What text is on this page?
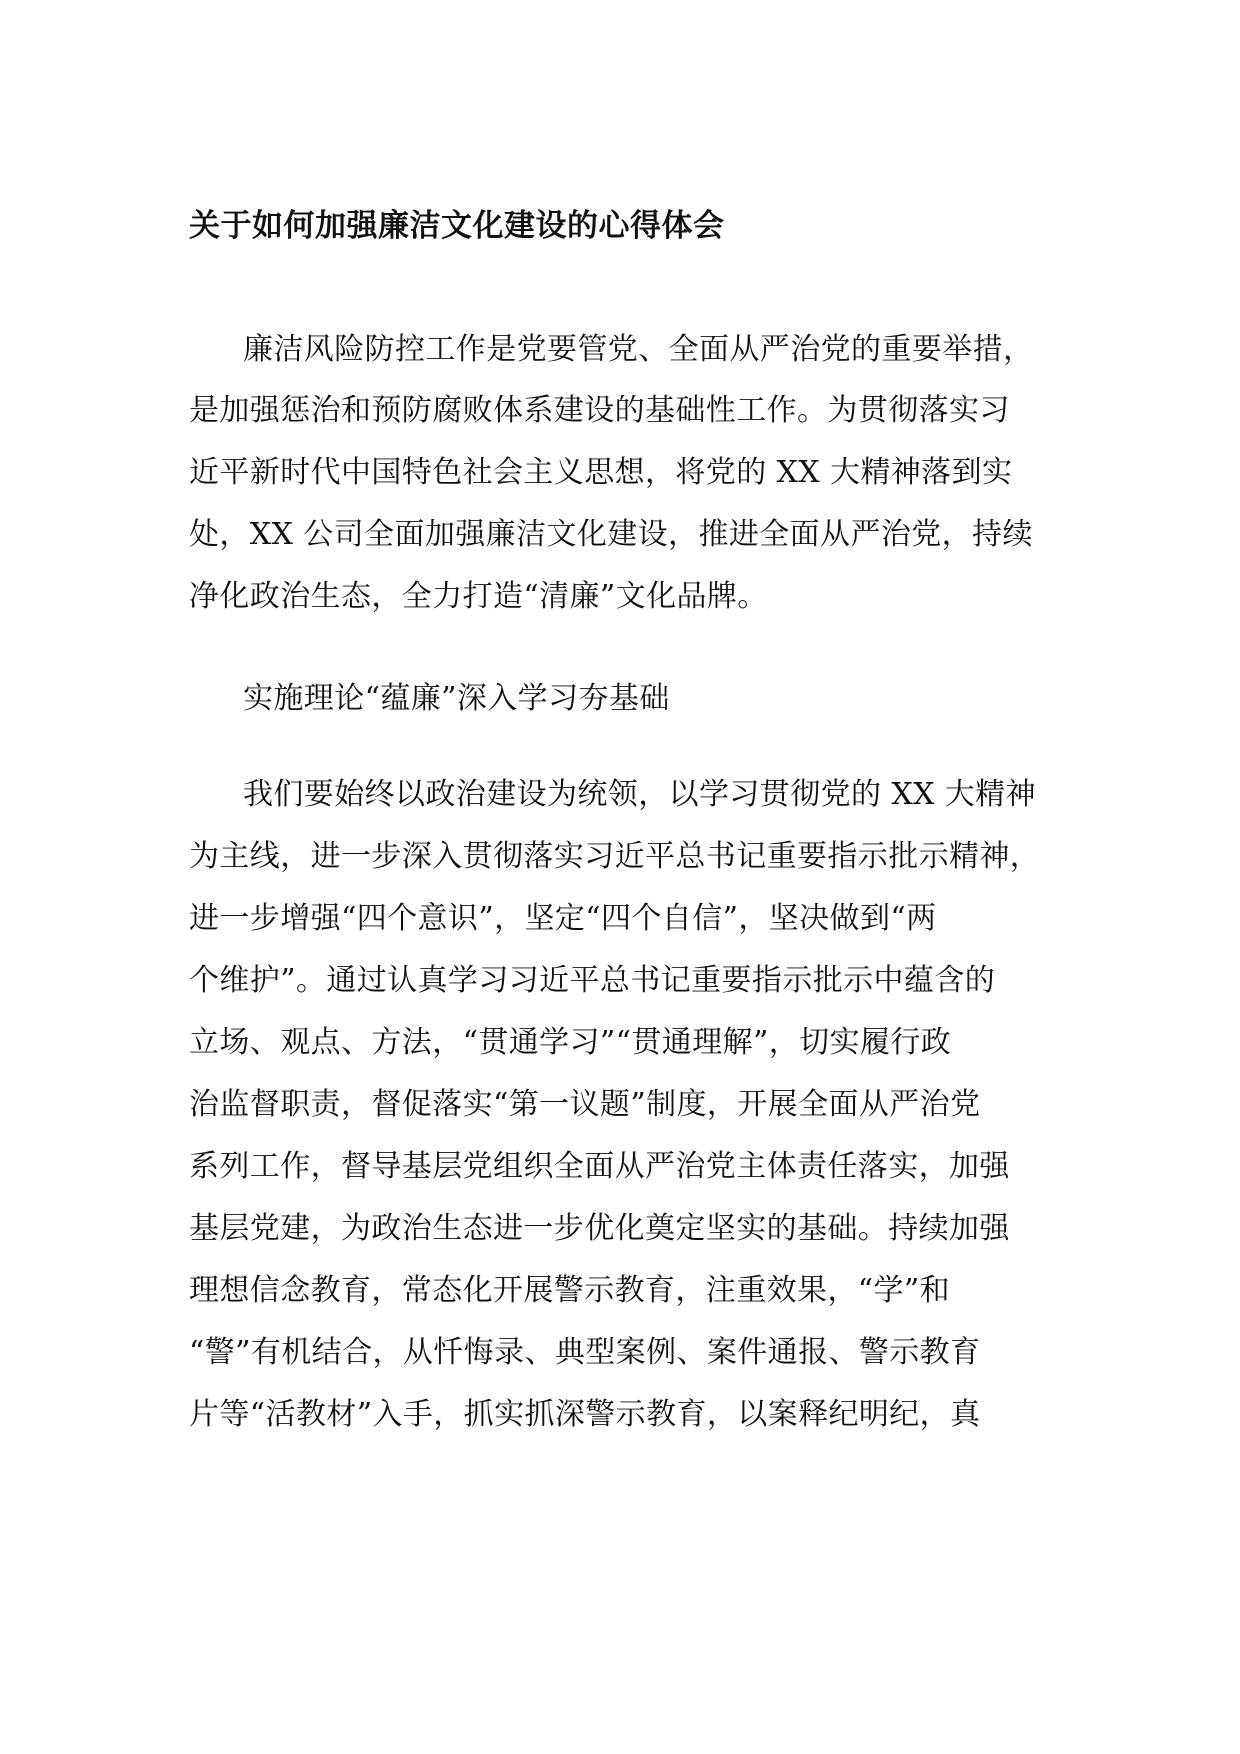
关于如何加强廉洁文化建设的心得体会

廉洁风险防控工作是党要管党、全面从严治党的重要举措，

是加强惩治和预防腐败体系建设的基础性工作。为贯彻落实习

近平新时代中国特色社会主义思想，将党的 XX 大精神落到实

处，XX 公司全面加强廉洁文化建设，推进全面从严治党，持续

净化政治生态，全力打造“清廉”文化品牌。

实施理论“蕴廉”深入学习夯基础

我们要始终以政治建设为统领，以学习贯彻党的 XX 大精神

为主线，进一步深入贯彻落实习近平总书记重要指示批示精神，

进一步增强“四个意识”，坚定“四个自信”，坚决做到“两

个维护”。通过认真学习习近平总书记重要指示批示中蕴含的

立场、观点、方法，“贯通学习”“贯通理解”，切实履行政

治监督职责，督促落实“第一议题”制度，开展全面从严治党

系列工作，督导基层党组织全面从严治党主体责任落实，加强

基层党建，为政治生态进一步优化奠定坚实的基础。持续加强

理想信念教育，常态化开展警示教育，注重效果，“学”和

“警”有机结合，从忏悔录、典型案例、案件通报、警示教育

片等“活教材”入手，抓实抓深警示教育，以案释纪明纪，真
